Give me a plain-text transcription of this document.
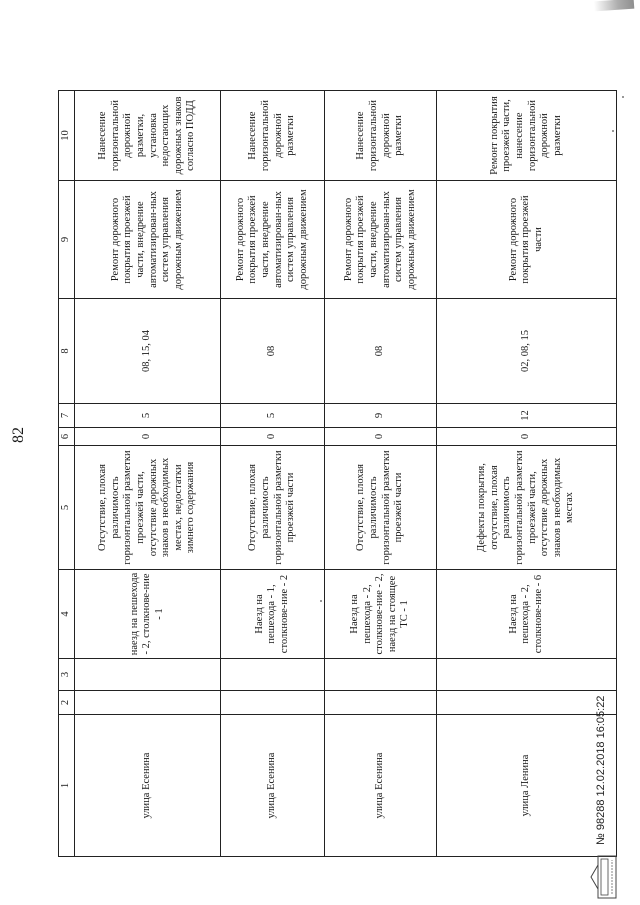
82
1	2	3	4	5	6	7	8	9	10
улица Есенина			наезд на пешехода - 2, столкнове-ние - 1	Отсутствие, плохая различимость горизонтальной разметки проезжей части, отсутствие дорожных знаков в необходимых местах, недостатки зимнего содержания	0	5	08, 15, 04	Ремонт дорожного покрытия проезжей части, внедрение автоматизирован-ных систем управления дорожным движением	Нанесение горизонтальной дорожной разметки, установка недостающих дорожных знаков согласно ПОДД
улица Есенина			Наезд на пешехода - 1, столкнове-ние - 2	Отсутствие, плохая различимость горизонтальной разметки проезжей части	0	5	08	Ремонт дорожного покрытия проезжей части, внедрение автоматизирован-ных систем управления дорожным движением	Нанесение горизонтальной дорожной разметки
улица Есенина			Наезд на пешехода - 2, столкнове-ние - 2, наезд на стоящее ТС - 1	Отсутствие, плохая различимость горизонтальной разметки проезжей части	0	9	08	Ремонт дорожного покрытия проезжей части, внедрение автоматизирован-ных систем управления дорожным движением	Нанесение горизонтальной дорожной разметки
улица Ленина			Наезд на пешехода - 2, столкнове-ние - 6	Дефекты покрытия, отсутствие, плохая различимость горизонтальной разметки проезжей части, отсутствие дорожных знаков в необходимых местах	0	12	02, 08, 15	Ремонт дорожного покрытия проезжей части	Ремонт покрытия проезжей части, нанесение горизонтальной дорожной разметки
№ 98288 12.02.2018 16:05:22
